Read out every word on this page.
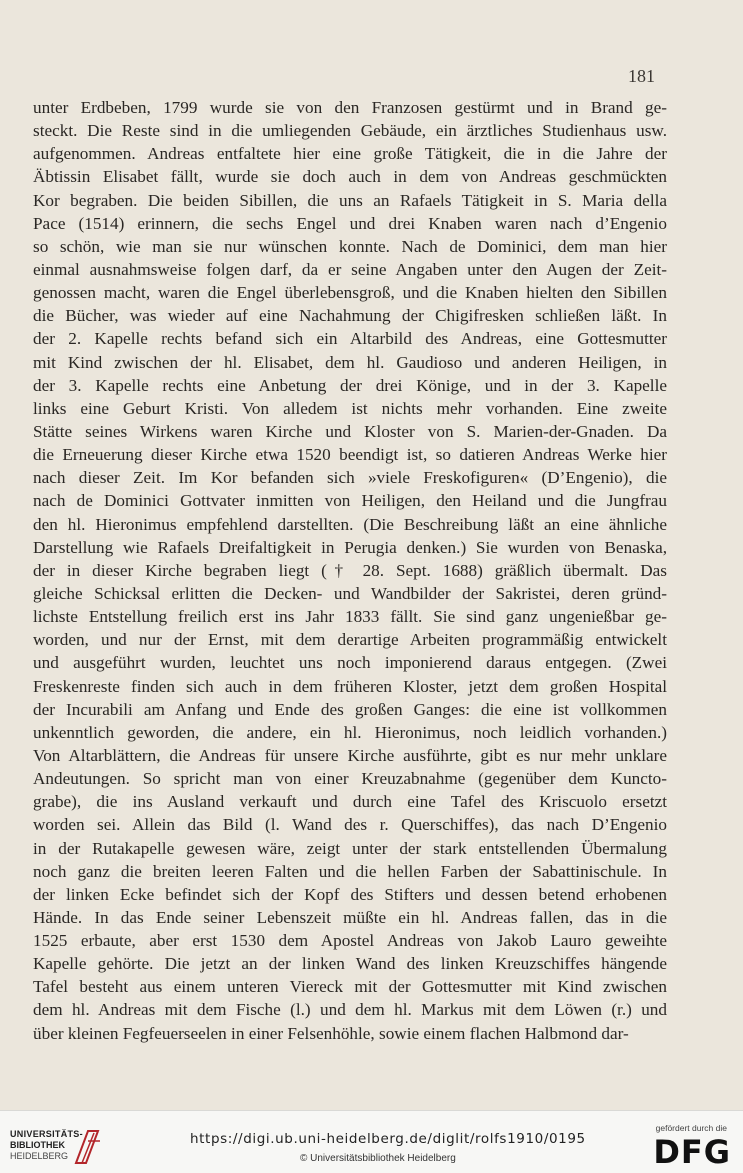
181
unter Erdbeben, 1799 wurde sie von den Franzosen gestürmt und in Brand ge-
steckt. Die Reste sind in die umliegenden Gebäude, ein ärztliches Studienhaus usw.
aufgenommen. Andreas entfaltete hier eine große Tätigkeit, die in die Jahre der
Äbtissin Elisabet fällt, wurde sie doch auch in dem von Andreas geschmückten
Kor begraben. Die beiden Sibillen, die uns an Rafaels Tätigkeit in S. Maria della
Pace (1514) erinnern, die sechs Engel und drei Knaben waren nach d’Engenio
so schön, wie man sie nur wünschen konnte. Nach de Dominici, dem man hier
einmal ausnahmsweise folgen darf, da er seine Angaben unter den Augen der Zeit-
genossen macht, waren die Engel überlebensgroß, und die Knaben hielten den Sibillen
die Bücher, was wieder auf eine Nachahmung der Chigifresken schließen läßt. In
der 2. Kapelle rechts befand sich ein Altarbild des Andreas, eine Gottesmutter
mit Kind zwischen der hl. Elisabet, dem hl. Gaudioso und anderen Heiligen, in
der 3. Kapelle rechts eine Anbetung der drei Könige, und in der 3. Kapelle
links eine Geburt Kristi. Von alledem ist nichts mehr vorhanden. Eine zweite
Stätte seines Wirkens waren Kirche und Kloster von S. Marien-der-Gnaden. Da
die Erneuerung dieser Kirche etwa 1520 beendigt ist, so datieren Andreas Werke hier
nach dieser Zeit. Im Kor befanden sich »viele Freskofiguren« (D’Engenio), die
nach de Dominici Gottvater inmitten von Heiligen, den Heiland und die Jungfrau
den hl. Hieronimus empfehlend darstellten. (Die Beschreibung läßt an eine ähnliche
Darstellung wie Rafaels Dreifaltigkeit in Perugia denken.) Sie wurden von Benaska,
der in dieser Kirche begraben liegt († 28. Sept. 1688) gräßlich übermalt. Das
gleiche Schicksal erlitten die Decken- und Wandbilder der Sakristei, deren gründ-
lichste Entstellung freilich erst ins Jahr 1833 fällt. Sie sind ganz ungenießbar ge-
worden, und nur der Ernst, mit dem derartige Arbeiten programmäßig entwickelt
und ausgeführt wurden, leuchtet uns noch imponierend daraus entgegen. (Zwei
Freskenreste finden sich auch in dem früheren Kloster, jetzt dem großen Hospital
der Incurabili am Anfang und Ende des großen Ganges: die eine ist vollkommen
unkenntlich geworden, die andere, ein hl. Hieronimus, noch leidlich vorhanden.)
Von Altarblättern, die Andreas für unsere Kirche ausführte, gibt es nur mehr unklare
Andeutungen. So spricht man von einer Kreuzabnahme (gegenüber dem Kuncto-
grabe), die ins Ausland verkauft und durch eine Tafel des Kriscuolo ersetzt
worden sei. Allein das Bild (l. Wand des r. Querschiffes), das nach D’Engenio
in der Rutakapelle gewesen wäre, zeigt unter der stark entstellenden Übermalung
noch ganz die breiten leeren Falten und die hellen Farben der Sabattinischule. In
der linken Ecke befindet sich der Kopf des Stifters und dessen betend erhobenen
Hände. In das Ende seiner Lebenszeit müßte ein hl. Andreas fallen, das in die
1525 erbaute, aber erst 1530 dem Apostel Andreas von Jakob Lauro geweihte
Kapelle gehörte. Die jetzt an der linken Wand des linken Kreuzschiffes hängende
Tafel besteht aus einem unteren Viereck mit der Gottesmutter mit Kind zwischen
dem hl. Andreas mit dem Fische (l.) und dem hl. Markus mit dem Löwen (r.) und
über kleinen Fegfeuerseelen in einer Felsenhöhle, sowie einem flachen Halbmond dar-
UNIVERSITÄTS-
BIBLIOTHEK
HEIDELBERG
https://digi.ub.uni-heidelberg.de/diglit/rolfs1910/0195
© Universitätsbibliothek Heidelberg
gefördert durch die
DFG
